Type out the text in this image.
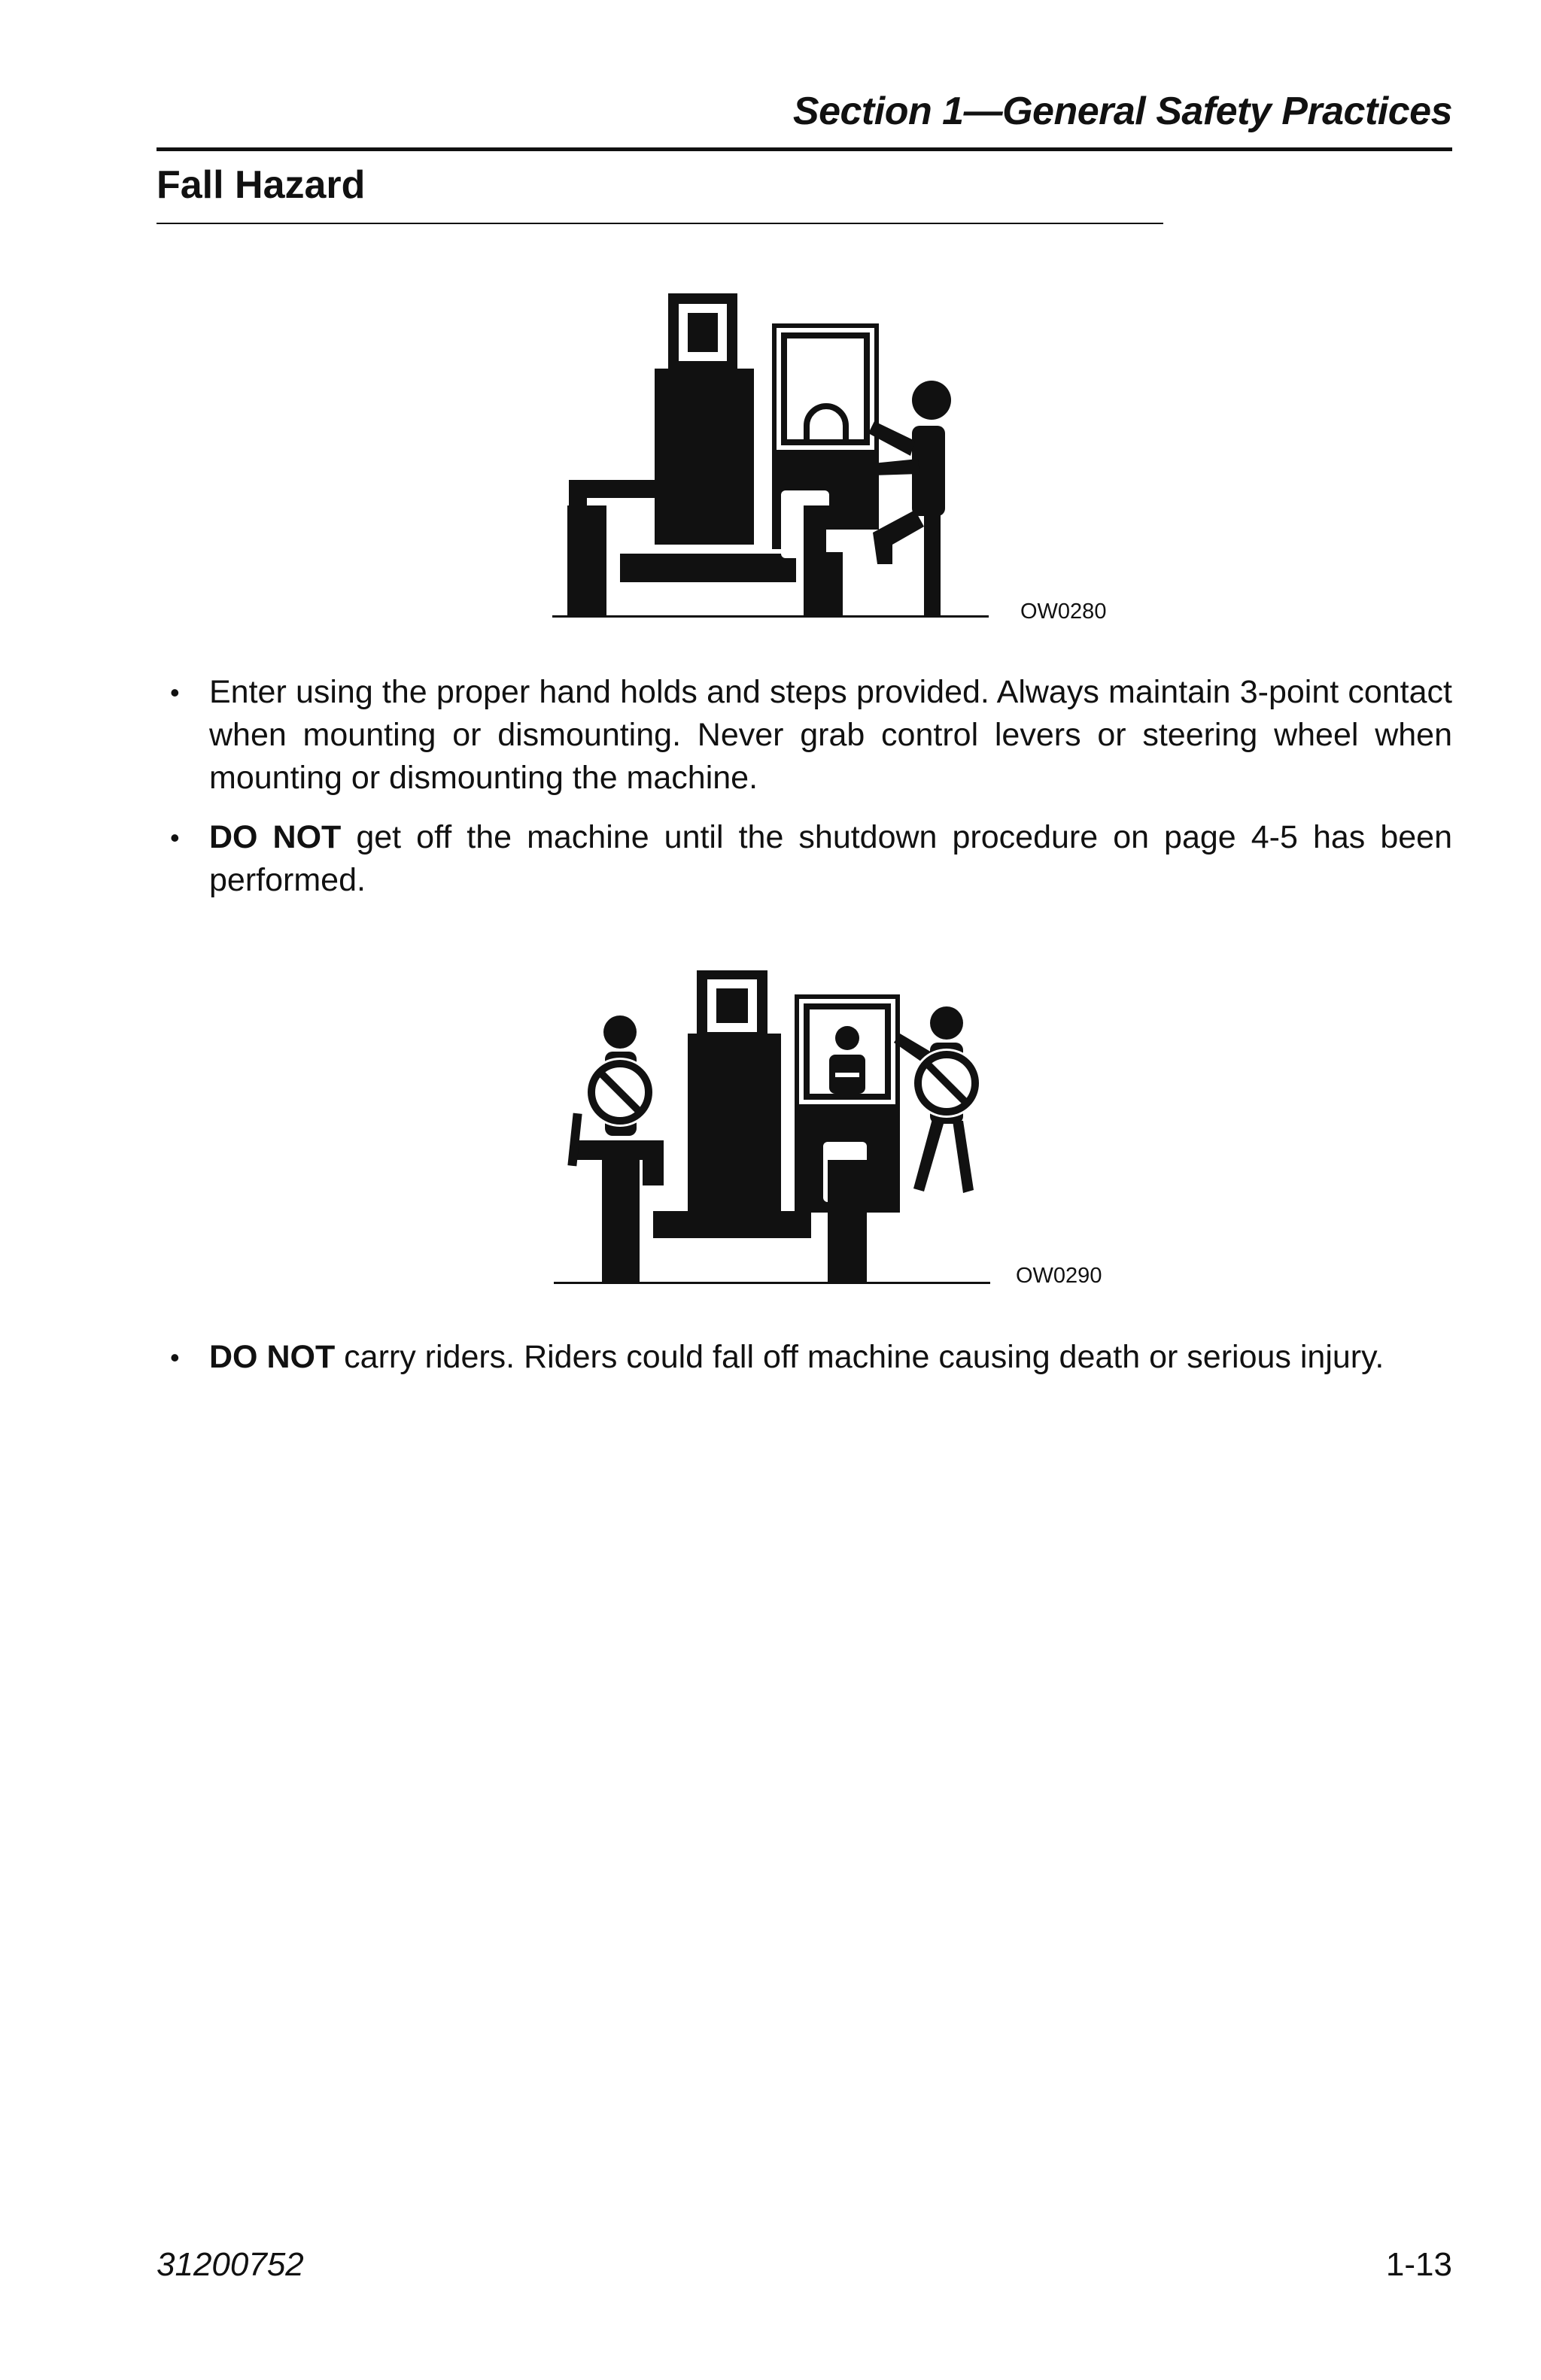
Section 1—General Safety Practices
Fall Hazard
OW0280
• Enter using the proper hand holds and steps provided. Always maintain 3-point contact when mounting or dismounting. Never grab control levers or steering wheel when mounting or dismounting the machine.
• DO NOT get off the machine until the shutdown procedure on page 4-5 has been performed.
OW0290
• DO NOT carry riders. Riders could fall off machine causing death or serious injury.
31200752	1-13
